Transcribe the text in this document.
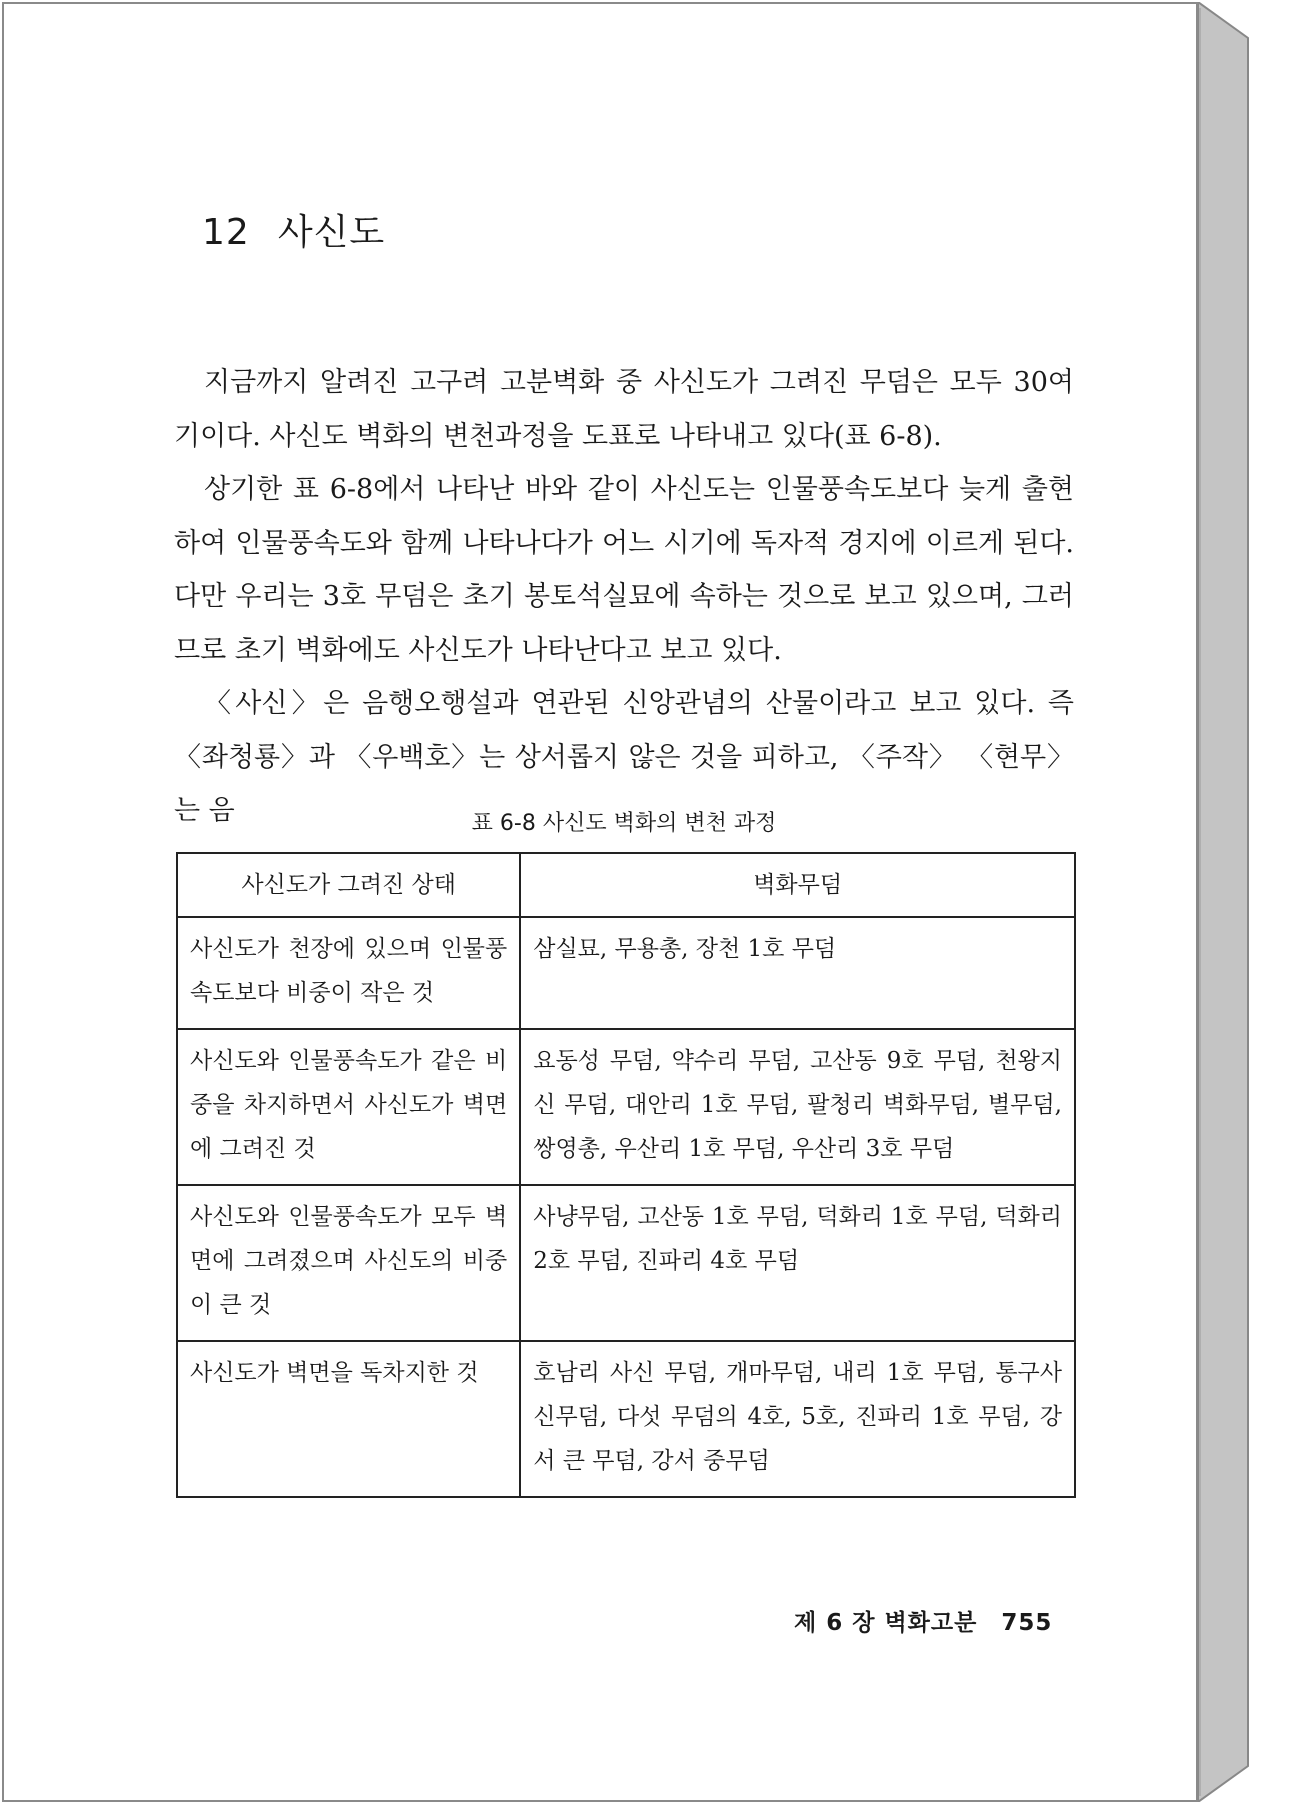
12 사신도

지금까지 알려진 고구려 고분벽화 중 사신도가 그려진 무덤은 모두 30여 기이다. 사신도 벽화의 변천과정을 도표로 나타내고 있다(표 6-8).

상기한 표 6-8에서 나타난 바와 같이 사신도는 인물풍속도보다 늦게 출현하여 인물풍속도와 함께 나타나다가 어느 시기에 독자적 경지에 이르게 된다. 다만 우리는 3호 무덤은 초기 봉토석실묘에 속하는 것으로 보고 있으며, 그러므로 초기 벽화에도 사신도가 나타난다고 보고 있다.

〈사신〉은 음행오행설과 연관된 신앙관념의 산물이라고 보고 있다. 즉 〈좌청룡〉과 〈우백호〉는 상서롭지 않은 것을 피하고, 〈주작〉 〈현무〉는 음	표 6-8 사신도 벽화의 변천 과정
사신도가 그려진 상태	벽화무덤
사신도가 천장에 있으며 인물풍속도보다 비중이 작은 것	삼실묘, 무용총, 장천 1호 무덤
사신도와 인물풍속도가 같은 비중을 차지하면서 사신도가 벽면에 그려진 것	요동성 무덤, 약수리 무덤, 고산동 9호 무덤, 천왕지신 무덤, 대안리 1호 무덤, 팔청리 벽화무덤, 별무덤, 쌍영총, 우산리 1호 무덤, 우산리 3호 무덤
사신도와 인물풍속도가 모두 벽면에 그려졌으며 사신도의 비중이 큰 것	사냥무덤, 고산동 1호 무덤, 덕화리 1호 무덤, 덕화리 2호 무덤, 진파리 4호 무덤
사신도가 벽면을 독차지한 것	호남리 사신 무덤, 개마무덤, 내리 1호 무덤, 통구사신무덤, 다섯 무덤의 4호, 5호, 진파리 1호 무덤, 강서 큰 무덤, 강서 중무덤
제 6 장 벽화고분 755
